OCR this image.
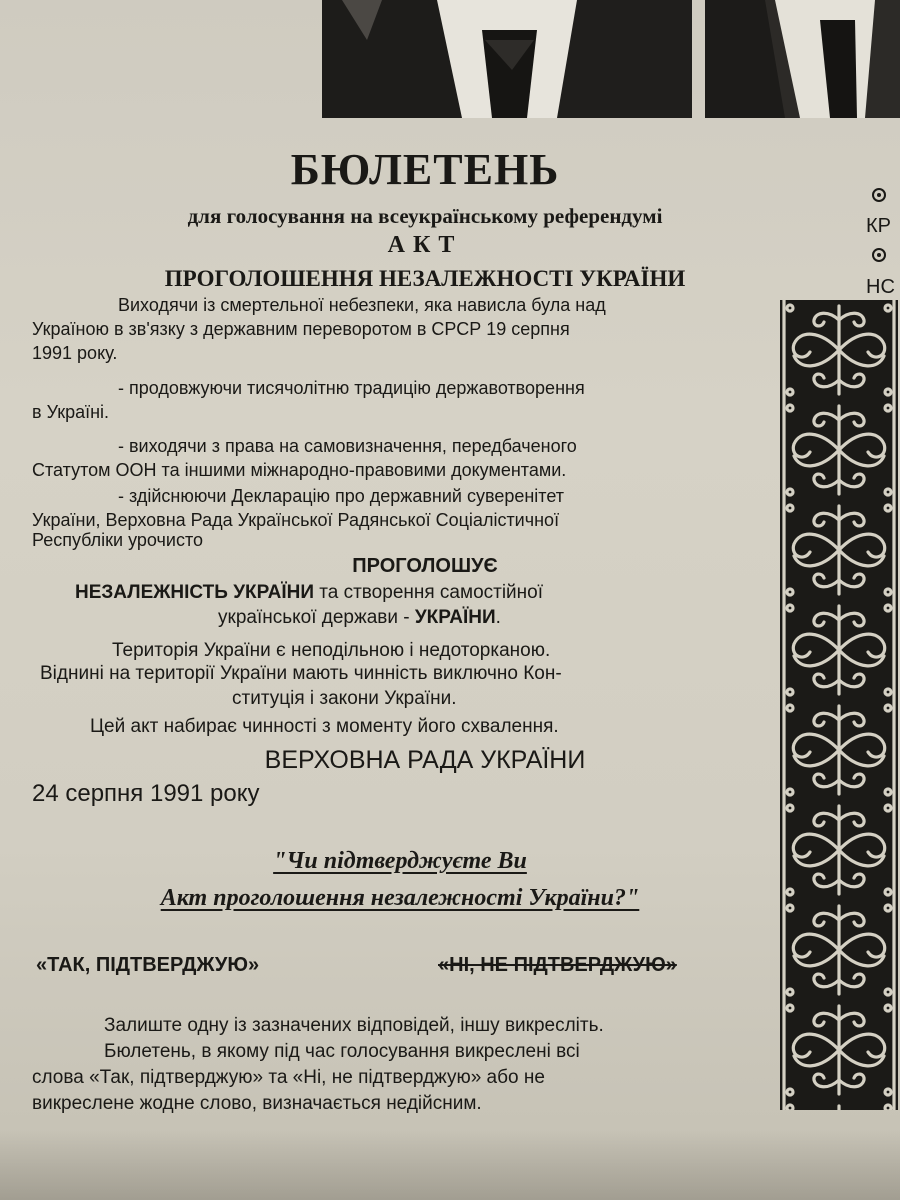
БЮЛЕТЕНЬ
для голосування на всеукраїнському референдумі
АКТ
ПРОГОЛОШЕННЯ НЕЗАЛЕЖНОСТІ УКРАЇНИ
Виходячи із смертельної небезпеки, яка нависла була над
Україною в зв'язку з державним переворотом в СРСР 19 серпня
1991 року.
- продовжуючи тисячолітню традицію державотворення
в Україні.
- виходячи з права на самовизначення, передбаченого
Статутом ООН та іншими міжнародно-правовими документами.
- здійснюючи Декларацію про державний суверенітет
України, Верховна Рада Української Радянської Соціалістичної
Республіки урочисто
ПРОГОЛОШУЄ
НЕЗАЛЕЖНІСТЬ УКРАЇНИ та створення самостійної
української держави - УКРАЇНИ.
Територія України є неподільною і недоторканою.
Віднині на території України мають чинність виключно Кон-
ституція і закони України.
Цей акт набирає чинності з моменту його схвалення.
ВЕРХОВНА РАДА УКРАЇНИ
24 серпня 1991 року
"Чи підтверджуєте Ви
Акт проголошення незалежності України?"
«ТАК, ПІДТВЕРДЖУЮ»	«НІ, НЕ ПІДТВЕРДЖУЮ»
Залиште одну із зазначених відповідей, іншу викресліть.
Бюлетень, в якому під час голосування викреслені всі
слова «Так, підтверджую» та «Ні, не підтверджую» або не
викреслене жодне слово, визначається недійсним.
КР
НС
